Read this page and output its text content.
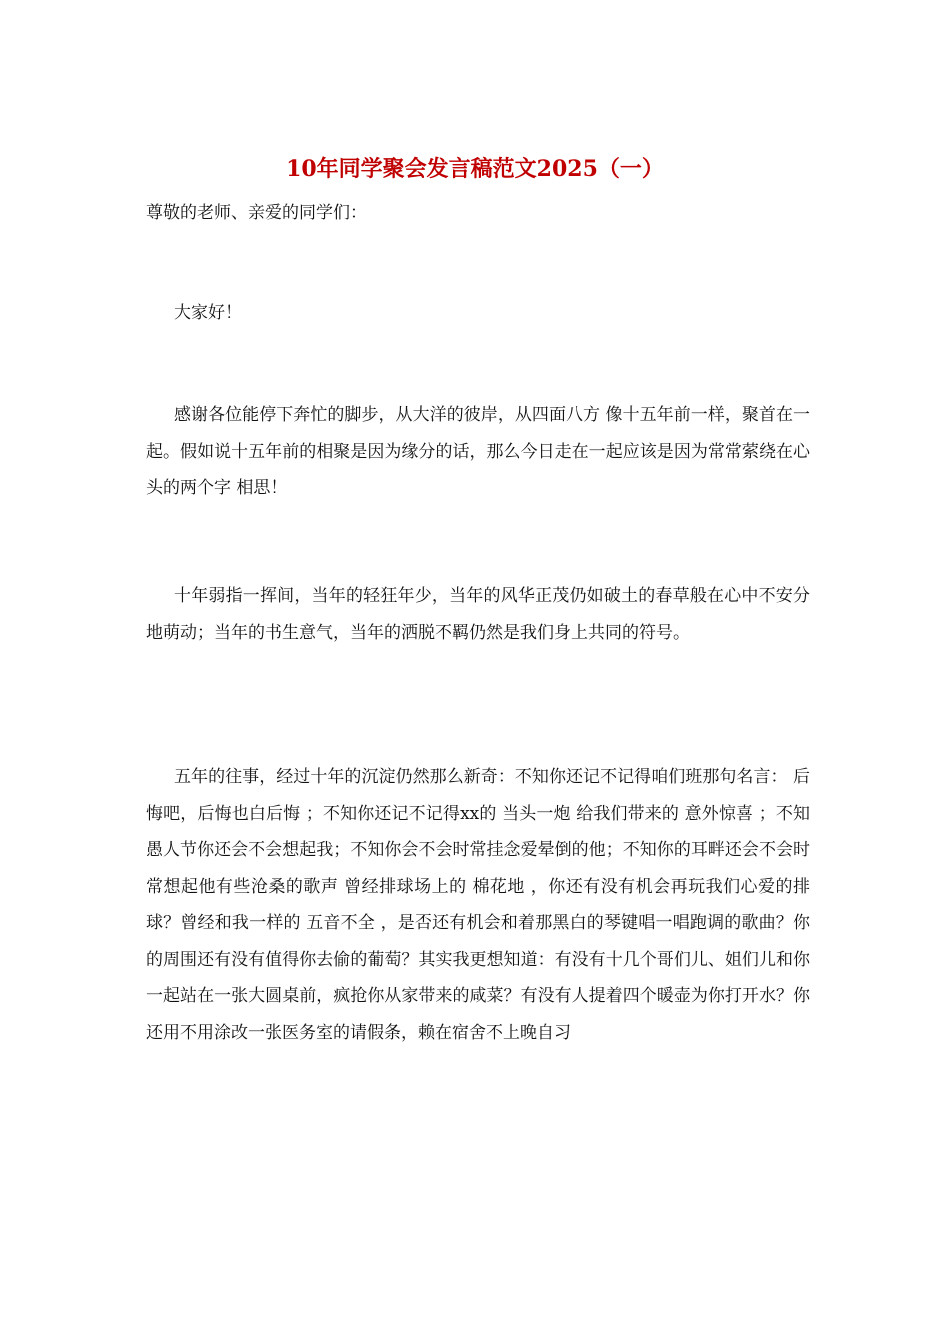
10年同学聚会发言稿范文2025（一）
尊敬的老师、亲爱的同学们：

大家好！

感谢各位能停下奔忙的脚步，从大洋的彼岸，从四面八方 像十五年前一样，聚首在一起。假如说十五年前的相聚是因为缘分的话，那么今日走在一起应该是因为常常萦绕在心头的两个字 相思！

十年弱指一挥间，当年的轻狂年少，当年的风华正茂仍如破土的春草般在心中不安分地萌动；当年的书生意气，当年的洒脱不羁仍然是我们身上共同的符号。

五年的往事，经过十年的沉淀仍然那么新奇：不知你还记不记得咱们班那句名言： 后悔吧，后悔也白后悔 ；不知你还记不记得xx的 当头一炮 给我们带来的 意外惊喜 ；不知愚人节你还会不会想起我；不知你会不会时常挂念爱晕倒的他；不知你的耳畔还会不会时常想起他有些沧桑的歌声 曾经排球场上的 棉花地 ，你还有没有机会再玩我们心爱的排球？曾经和我一样的 五音不全 ，是否还有机会和着那黑白的琴键唱一唱跑调的歌曲？你的周围还有没有值得你去偷的葡萄？其实我更想知道：有没有十几个哥们儿、姐们儿和你一起站在一张大圆桌前，疯抢你从家带来的咸菜？有没有人提着四个暖壶为你打开水？你还用不用涂改一张医务室的请假条，赖在宿舍不上晚自习
